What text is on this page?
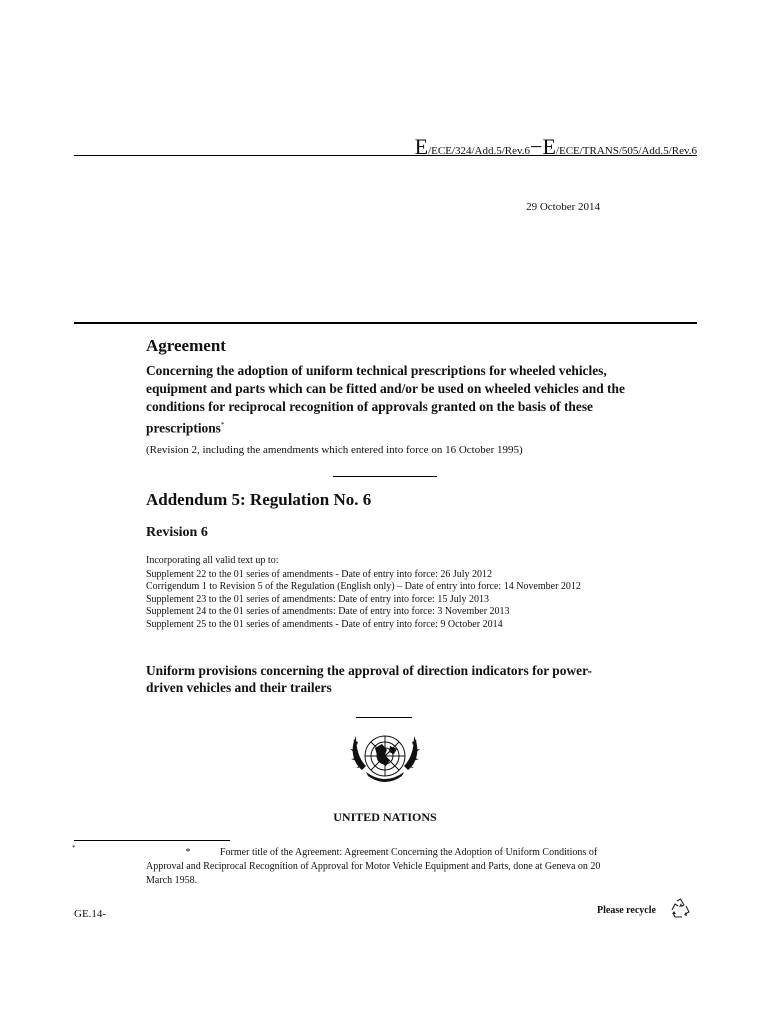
E/ECE/324/Add.5/Rev.6−E/ECE/TRANS/505/Add.5/Rev.6
29 October 2014
Agreement
Concerning the adoption of uniform technical prescriptions for wheeled vehicles, equipment and parts which can be fitted and/or be used on wheeled vehicles and the conditions for reciprocal recognition of approvals granted on the basis of these prescriptions*
(Revision 2, including the amendments which entered into force on 16 October 1995)
Addendum 5: Regulation No. 6
Revision 6
Incorporating all valid text up to:
Supplement 22 to the 01 series of amendments - Date of entry into force: 26 July 2012
Corrigendum 1 to Revision 5 of the Regulation (English only) – Date of entry into force: 14 November 2012
Supplement 23 to the 01 series of amendments: Date of entry into force: 15 July 2013
Supplement 24 to the 01 series of amendments: Date of entry into force: 3 November 2013
Supplement 25 to the 01 series of amendments - Date of entry into force: 9 October 2014
Uniform provisions concerning the approval of direction indicators for power-driven vehicles and their trailers
UNITED NATIONS
*	*	Former title of the Agreement: Agreement Concerning the Adoption of Uniform Conditions of Approval and Reciprocal Recognition of Approval for Motor Vehicle Equipment and Parts, done at Geneva on 20 March 1958.
GE.14-	Please recycle
